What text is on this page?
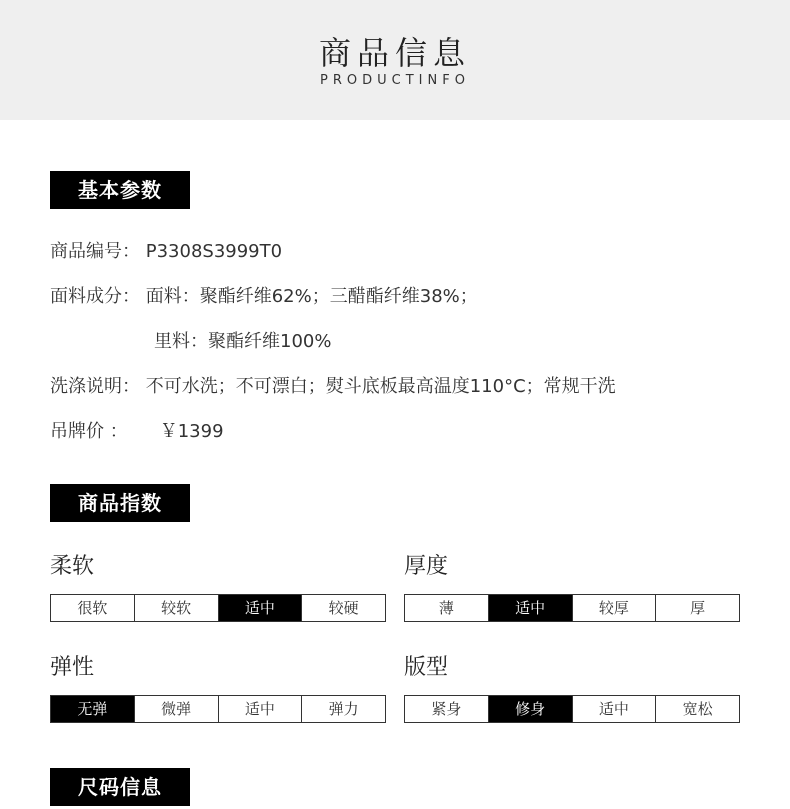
商品信息
PRODUCTINFO
基本参数
商品编号： P3308S3999T0
面料成分： 面料：聚酯纤维62%；三醋酯纤维38%；
里料：聚酯纤维100%
洗涤说明： 不可水洗；不可漂白；熨斗底板最高温度110°C；常规干洗
吊牌价 ： ￥1399
商品指数
柔软
很软	较软	适中	较硬
厚度
薄	适中	较厚	厚
弹性
无弹	微弹	适中	弹力
版型
紧身	修身	适中	宽松
尺码信息
